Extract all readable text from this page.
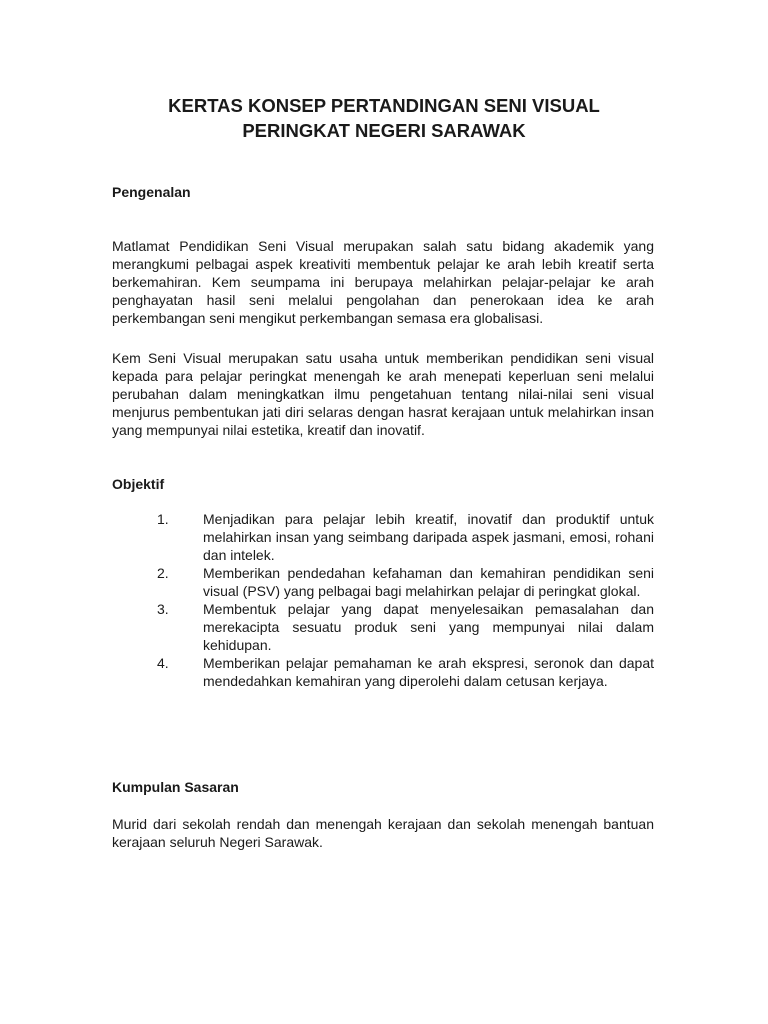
KERTAS KONSEP PERTANDINGAN SENI VISUAL
PERINGKAT NEGERI SARAWAK
Pengenalan

Matlamat Pendidikan Seni Visual merupakan salah satu bidang akademik yang merangkumi pelbagai aspek kreativiti membentuk pelajar ke arah lebih kreatif serta berkemahiran. Kem seumpama ini berupaya melahirkan pelajar-pelajar ke arah penghayatan hasil seni melalui pengolahan dan penerokaan idea ke arah perkembangan seni mengikut perkembangan semasa era globalisasi.

Kem Seni Visual merupakan satu usaha untuk memberikan pendidikan seni visual kepada para pelajar peringkat menengah ke arah menepati keperluan seni melalui perubahan dalam meningkatkan ilmu pengetahuan tentang nilai-nilai seni visual menjurus pembentukan jati diri selaras dengan hasrat kerajaan untuk melahirkan insan yang mempunyai nilai estetika, kreatif dan inovatif.

Objektif
1. Menjadikan para pelajar lebih kreatif, inovatif dan produktif untuk melahirkan insan yang seimbang daripada aspek jasmani, emosi, rohani dan intelek.
2. Memberikan pendedahan kefahaman dan kemahiran pendidikan seni visual (PSV) yang pelbagai bagi melahirkan pelajar di peringkat glokal.
3. Membentuk pelajar yang dapat menyelesaikan pemasalahan dan merekacipta sesuatu produk seni yang mempunyai nilai dalam kehidupan.
4. Memberikan pelajar pemahaman ke arah ekspresi, seronok dan dapat mendedahkan kemahiran yang diperolehi dalam cetusan kerjaya.
Kumpulan Sasaran

Murid dari sekolah rendah dan menengah kerajaan dan sekolah menengah bantuan kerajaan seluruh Negeri Sarawak.
